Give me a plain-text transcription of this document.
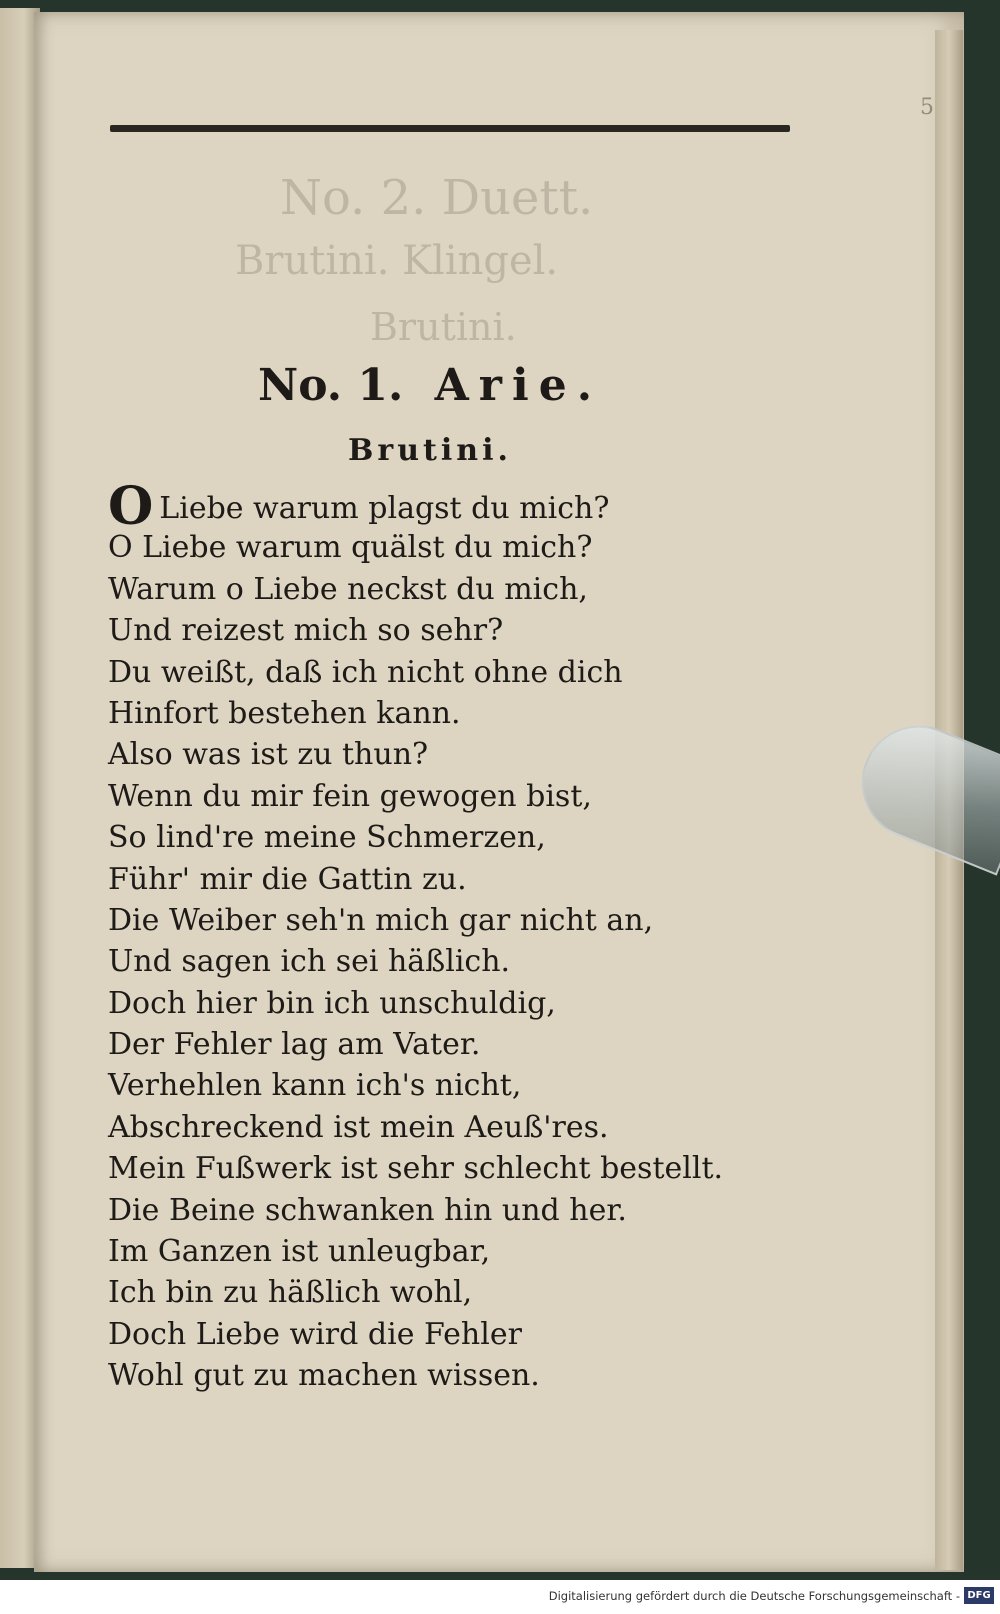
No. 2. Duett.
Brutini. Klingel.
Brutini.
5
No. 1. Arie.
Brutini.
O Liebe warum plagst du mich?
O Liebe warum quälst du mich?
Warum o Liebe neckst du mich,
Und reizest mich so sehr?
Du weißt, daß ich nicht ohne dich
Hinfort bestehen kann.
Also was ist zu thun?
Wenn du mir fein gewogen bist,
So lind're meine Schmerzen,
Führ' mir die Gattin zu.
Die Weiber seh'n mich gar nicht an,
Und sagen ich sei häßlich.
Doch hier bin ich unschuldig,
Der Fehler lag am Vater.
Verhehlen kann ich's nicht,
Abschreckend ist mein Aeuß'res.
Mein Fußwerk ist sehr schlecht bestellt.
Die Beine schwanken hin und her.
Im Ganzen ist unleugbar,
Ich bin zu häßlich wohl,
Doch Liebe wird die Fehler
Wohl gut zu machen wissen.
Digitalisierung gefördert durch die Deutsche Forschungsgemeinschaft - DFG
